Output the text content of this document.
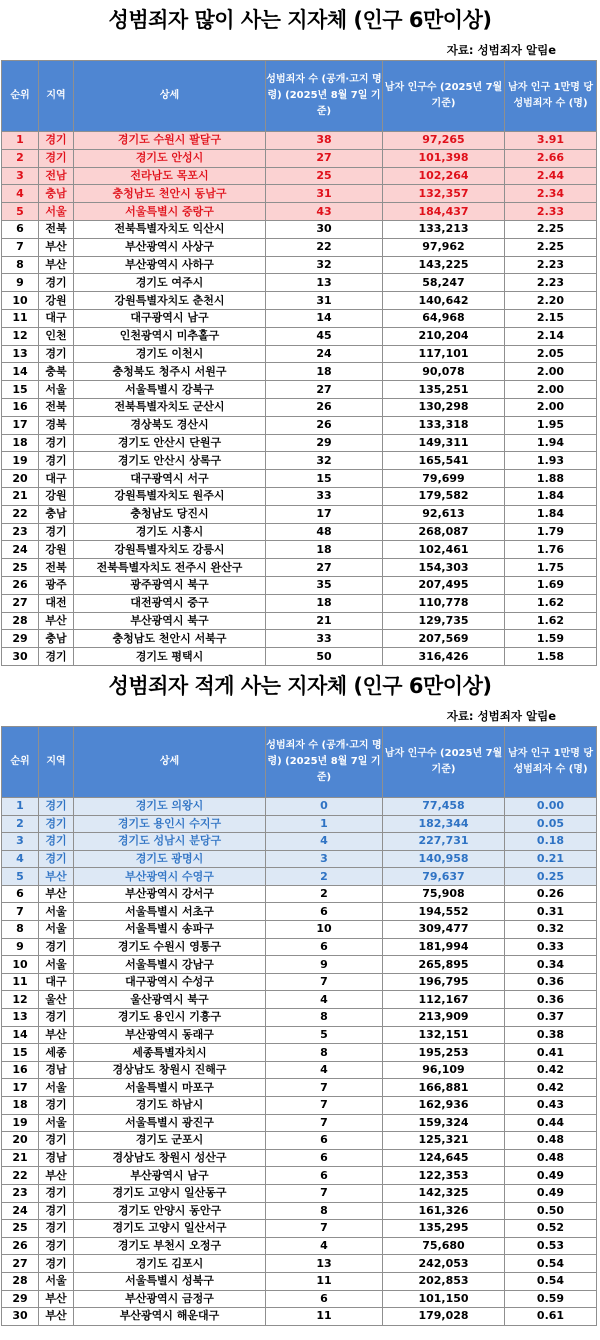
성범죄자 많이 사는 지자체 (인구 6만이상)
자료: 성범죄자 알림e
순위	지역	상세	성범죄자 수 (공개·고지 명령) (2025년 8월 7일 기준)	남자 인구수 (2025년 7월 기준)	남자 인구 1만명 당 성범죄자 수 (명)
1	경기	경기도 수원시 팔달구	38	97,265	3.91
2	경기	경기도 안성시	27	101,398	2.66
3	전남	전라남도 목포시	25	102,264	2.44
4	충남	충청남도 천안시 동남구	31	132,357	2.34
5	서울	서울특별시 중랑구	43	184,437	2.33
6	전북	전북특별자치도 익산시	30	133,213	2.25
7	부산	부산광역시 사상구	22	97,962	2.25
8	부산	부산광역시 사하구	32	143,225	2.23
9	경기	경기도 여주시	13	58,247	2.23
10	강원	강원특별자치도 춘천시	31	140,642	2.20
11	대구	대구광역시 남구	14	64,968	2.15
12	인천	인천광역시 미추홀구	45	210,204	2.14
13	경기	경기도 이천시	24	117,101	2.05
14	충북	충청북도 청주시 서원구	18	90,078	2.00
15	서울	서울특별시 강북구	27	135,251	2.00
16	전북	전북특별자치도 군산시	26	130,298	2.00
17	경북	경상북도 경산시	26	133,318	1.95
18	경기	경기도 안산시 단원구	29	149,311	1.94
19	경기	경기도 안산시 상록구	32	165,541	1.93
20	대구	대구광역시 서구	15	79,699	1.88
21	강원	강원특별자치도 원주시	33	179,582	1.84
22	충남	충청남도 당진시	17	92,613	1.84
23	경기	경기도 시흥시	48	268,087	1.79
24	강원	강원특별자치도 강릉시	18	102,461	1.76
25	전북	전북특별자치도 전주시 완산구	27	154,303	1.75
26	광주	광주광역시 북구	35	207,495	1.69
27	대전	대전광역시 중구	18	110,778	1.62
28	부산	부산광역시 북구	21	129,735	1.62
29	충남	충청남도 천안시 서북구	33	207,569	1.59
30	경기	경기도 평택시	50	316,426	1.58
성범죄자 적게 사는 지자체 (인구 6만이상)
자료: 성범죄자 알림e
순위	지역	상세	성범죄자 수 (공개·고지 명령) (2025년 8월 7일 기준)	남자 인구수 (2025년 7월 기준)	남자 인구 1만명 당 성범죄자 수 (명)
1	경기	경기도 의왕시	0	77,458	0.00
2	경기	경기도 용인시 수지구	1	182,344	0.05
3	경기	경기도 성남시 분당구	4	227,731	0.18
4	경기	경기도 광명시	3	140,958	0.21
5	부산	부산광역시 수영구	2	79,637	0.25
6	부산	부산광역시 강서구	2	75,908	0.26
7	서울	서울특별시 서초구	6	194,552	0.31
8	서울	서울특별시 송파구	10	309,477	0.32
9	경기	경기도 수원시 영통구	6	181,994	0.33
10	서울	서울특별시 강남구	9	265,895	0.34
11	대구	대구광역시 수성구	7	196,795	0.36
12	울산	울산광역시 북구	4	112,167	0.36
13	경기	경기도 용인시 기흥구	8	213,909	0.37
14	부산	부산광역시 동래구	5	132,151	0.38
15	세종	세종특별자치시	8	195,253	0.41
16	경남	경상남도 창원시 진해구	4	96,109	0.42
17	서울	서울특별시 마포구	7	166,881	0.42
18	경기	경기도 하남시	7	162,936	0.43
19	서울	서울특별시 광진구	7	159,324	0.44
20	경기	경기도 군포시	6	125,321	0.48
21	경남	경상남도 창원시 성산구	6	124,645	0.48
22	부산	부산광역시 남구	6	122,353	0.49
23	경기	경기도 고양시 일산동구	7	142,325	0.49
24	경기	경기도 안양시 동안구	8	161,326	0.50
25	경기	경기도 고양시 일산서구	7	135,295	0.52
26	경기	경기도 부천시 오정구	4	75,680	0.53
27	경기	경기도 김포시	13	242,053	0.54
28	서울	서울특별시 성북구	11	202,853	0.54
29	부산	부산광역시 금정구	6	101,150	0.59
30	부산	부산광역시 해운대구	11	179,028	0.61
